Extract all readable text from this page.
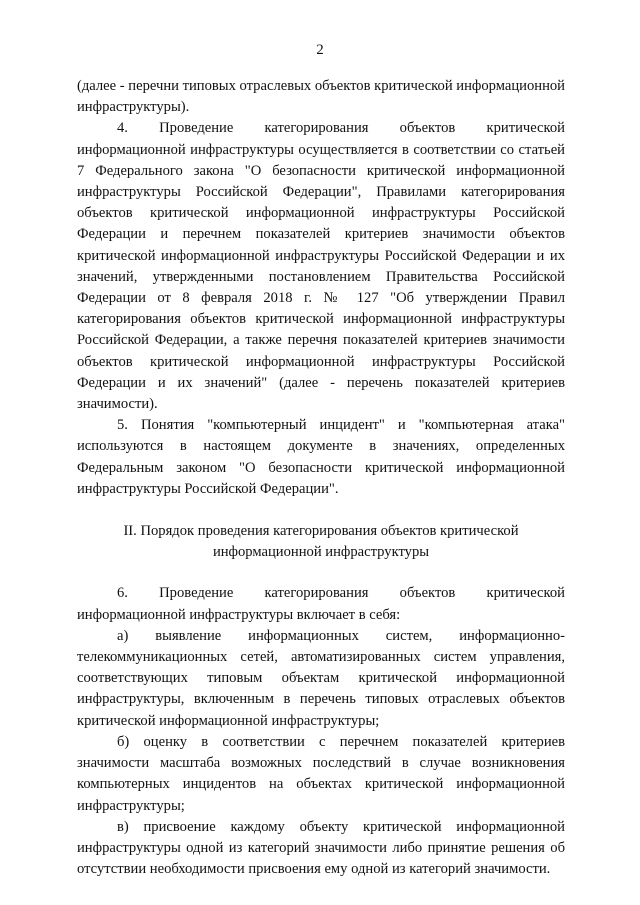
2

(далее - перечни типовых отраслевых объектов критической информационной инфраструктуры).

4. Проведение категорирования объектов критической информационной инфраструктуры осуществляется в соответствии со статьей 7 Федерального закона "О безопасности критической информационной инфраструктуры Российской Федерации", Правилами категорирования объектов критической информационной инфраструктуры Российской Федерации и перечнем показателей критериев значимости объектов критической информационной инфраструктуры Российской Федерации и их значений, утвержденными постановлением Правительства Российской Федерации от 8 февраля 2018 г. № 127 "Об утверждении Правил категорирования объектов критической информационной инфраструктуры Российской Федерации, а также перечня показателей критериев значимости объектов критической информационной инфраструктуры Российской Федерации и их значений" (далее - перечень показателей критериев значимости).

5. Понятия "компьютерный инцидент" и "компьютерная атака" используются в настоящем документе в значениях, определенных Федеральным законом "О безопасности критической информационной инфраструктуры Российской Федерации".

II. Порядок проведения категорирования объектов критической
информационной инфраструктуры

6. Проведение категорирования объектов критической информационной инфраструктуры включает в себя:

а) выявление информационных систем, информационно-телекоммуникационных сетей, автоматизированных систем управления, соответствующих типовым объектам критической информационной инфраструктуры, включенным в перечень типовых отраслевых объектов критической информационной инфраструктуры;

б) оценку в соответствии с перечнем показателей критериев значимости масштаба возможных последствий в случае возникновения компьютерных инцидентов на объектах критической информационной инфраструктуры;

в) присвоение каждому объекту критической информационной инфраструктуры одной из категорий значимости либо принятие решения об отсутствии необходимости присвоения ему одной из категорий значимости.
